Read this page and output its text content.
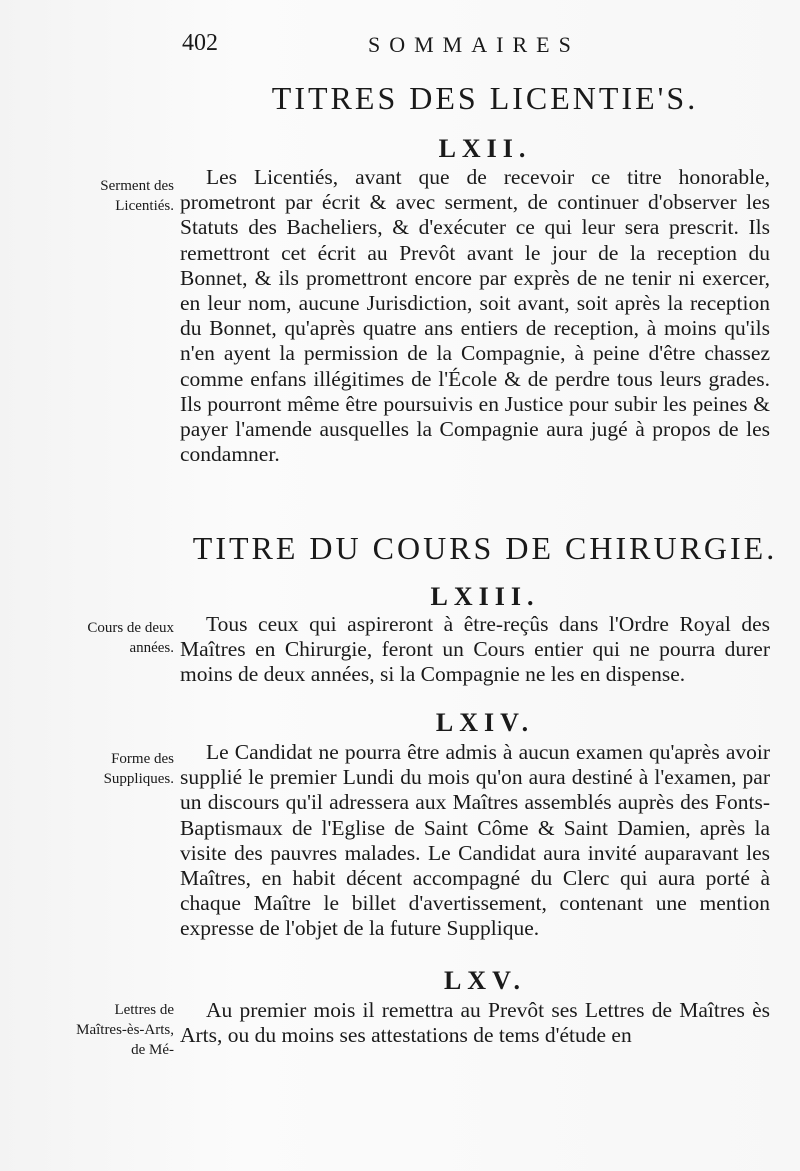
402	SOMMAIRES
TITRES DES LICENTIE'S.
LXII.

Serment des Licentiés.

Les Licentiés, avant que de recevoir ce titre honorable, prometront par écrit & avec serment, de continuer d'observer les Statuts des Bacheliers, & d'exécuter ce qui leur sera prescrit. Ils remettront cet écrit au Prevôt avant le jour de la reception du Bonnet, & ils promettront encore par exprès de ne tenir ni exercer, en leur nom, aucune Jurisdiction, soit avant, soit après la reception du Bonnet, qu'après quatre ans entiers de reception, à moins qu'ils n'en ayent la permission de la Compagnie, à peine d'être chassez comme enfans illégitimes de l'École & de perdre tous leurs grades. Ils pourront même être poursuivis en Justice pour subir les peines & payer l'amende ausquelles la Compagnie aura jugé à propos de les condamner.

TITRE DU COURS DE CHIRURGIE.
LXIII.

Cours de deux années.

Tous ceux qui aspireront à être-reçûs dans l'Ordre Royal des Maîtres en Chirurgie, feront un Cours entier qui ne pourra durer moins de deux années, si la Compagnie ne les en dispense.

LXIV.

Forme des Suppliques.

Le Candidat ne pourra être admis à aucun examen qu'après avoir supplié le premier Lundi du mois qu'on aura destiné à l'examen, par un discours qu'il adressera aux Maîtres assemblés auprès des Fonts-Baptismaux de l'Eglise de Saint Côme & Saint Damien, après la visite des pauvres malades. Le Candidat aura invité auparavant les Maîtres, en habit décent accompagné du Clerc qui aura porté à chaque Maître le billet d'avertissement, contenant une mention expresse de l'objet de la future Supplique.

LXV.

Lettres de Maîtres-ès-Arts, de Mé-

Au premier mois il remettra au Prevôt ses Lettres de Maîtres ès Arts, ou du moins ses attestations de tems d'étude en
